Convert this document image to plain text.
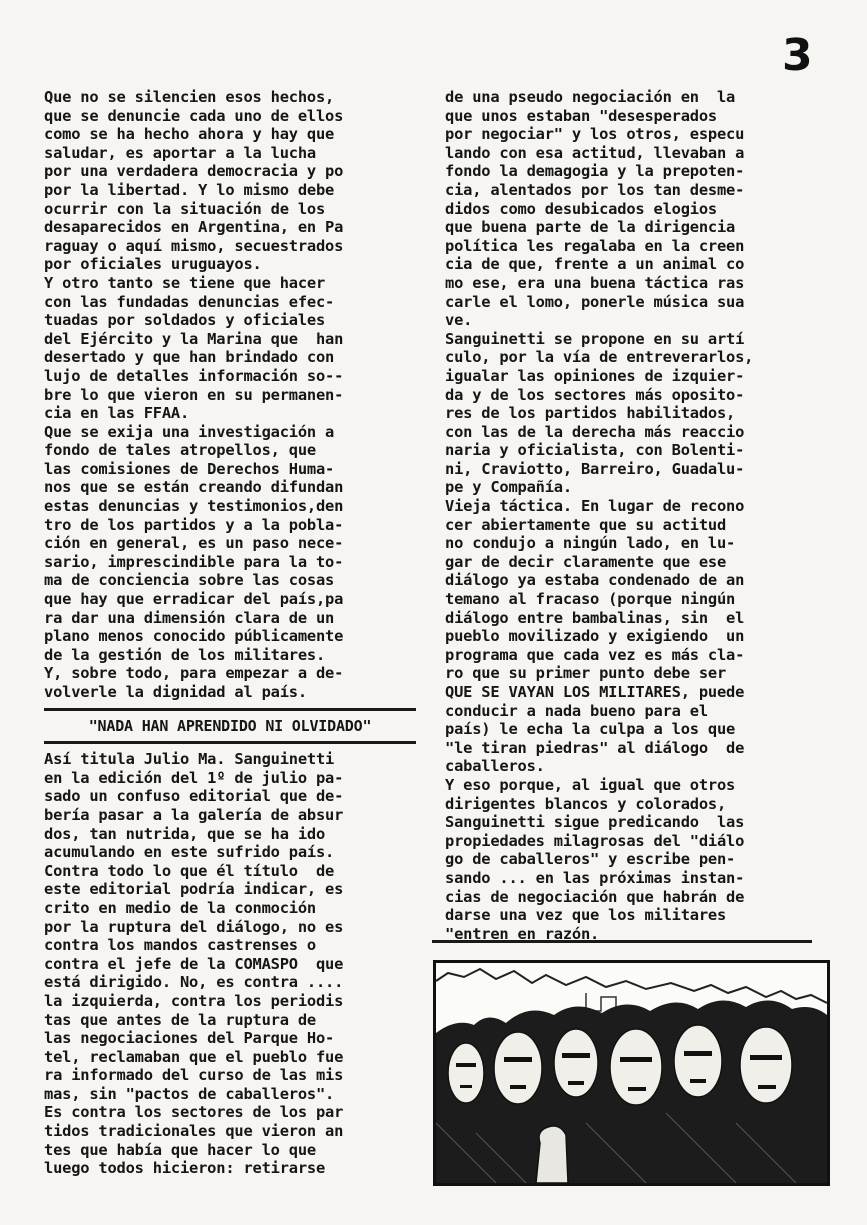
3
Que no se silencien esos hechos,
que se denuncie cada uno de ellos
como se ha hecho ahora y hay que
saludar, es aportar a la lucha
por una verdadera democracia y po
por la libertad. Y lo mismo debe
ocurrir con la situación de los
desaparecidos en Argentina, en Pa
raguay o aquí mismo, secuestrados
por oficiales uruguayos.
Y otro tanto se tiene que hacer
con las fundadas denuncias efec-
tuadas por soldados y oficiales
del Ejército y la Marina que  han
desertado y que han brindado con
lujo de detalles información so--
bre lo que vieron en su permanen-
cia en las FFAA.
Que se exija una investigación a
fondo de tales atropellos, que
las comisiones de Derechos Huma-
nos que se están creando difundan
estas denuncias y testimonios,den
tro de los partidos y a la pobla-
ción en general, es un paso nece-
sario, imprescindible para la to-
ma de conciencia sobre las cosas
que hay que erradicar del país,pa
ra dar una dimensión clara de un
plano menos conocido públicamente
de la gestión de los militares.
Y, sobre todo, para empezar a de-
volverle la dignidad al país.
"NADA HAN APRENDIDO NI OLVIDADO"
Así titula Julio Ma. Sanguinetti
en la edición del 1º de julio pa-
sado un confuso editorial que de-
bería pasar a la galería de absur
dos, tan nutrida, que se ha ido
acumulando en este sufrido país.
Contra todo lo que él título  de
este editorial podría indicar, es
crito en medio de la conmoción
por la ruptura del diálogo, no es
contra los mandos castrenses o
contra el jefe de la COMASPO  que
está dirigido. No, es contra ....
la izquierda, contra los periodis
tas que antes de la ruptura de
las negociaciones del Parque Ho-
tel, reclamaban que el pueblo fue
ra informado del curso de las mis
mas, sin "pactos de caballeros".
Es contra los sectores de los par
tidos tradicionales que vieron an
tes que había que hacer lo que
luego todos hicieron: retirarse
de una pseudo negociación en  la
que unos estaban "desesperados
por negociar" y los otros, especu
lando con esa actitud, llevaban a
fondo la demagogia y la prepoten-
cia, alentados por los tan desme-
didos como desubicados elogios
que buena parte de la dirigencia
política les regalaba en la creen
cia de que, frente a un animal co
mo ese, era una buena táctica ras
carle el lomo, ponerle música sua
ve.
Sanguinetti se propone en su artí
culo, por la vía de entreverarlos,
igualar las opiniones de izquier-
da y de los sectores más oposito-
res de los partidos habilitados,
con las de la derecha más reaccio
naria y oficialista, con Bolenti-
ni, Craviotto, Barreiro, Guadalu-
pe y Compañía.
Vieja táctica. En lugar de recono
cer abiertamente que su actitud
no condujo a ningún lado, en lu-
gar de decir claramente que ese
diálogo ya estaba condenado de an
temano al fracaso (porque ningún
diálogo entre bambalinas, sin  el
pueblo movilizado y exigiendo  un
programa que cada vez es más cla-
ro que su primer punto debe ser
QUE SE VAYAN LOS MILITARES, puede
conducir a nada bueno para el
país) le echa la culpa a los que
"le tiran piedras" al diálogo  de
caballeros.
Y eso porque, al igual que otros
dirigentes blancos y colorados,
Sanguinetti sigue predicando  las
propiedades milagrosas del "diálo
go de caballeros" y escribe pen-
sando ... en las próximas instan-
cias de negociación que habrán de
darse una vez que los militares
"entren en razón.
